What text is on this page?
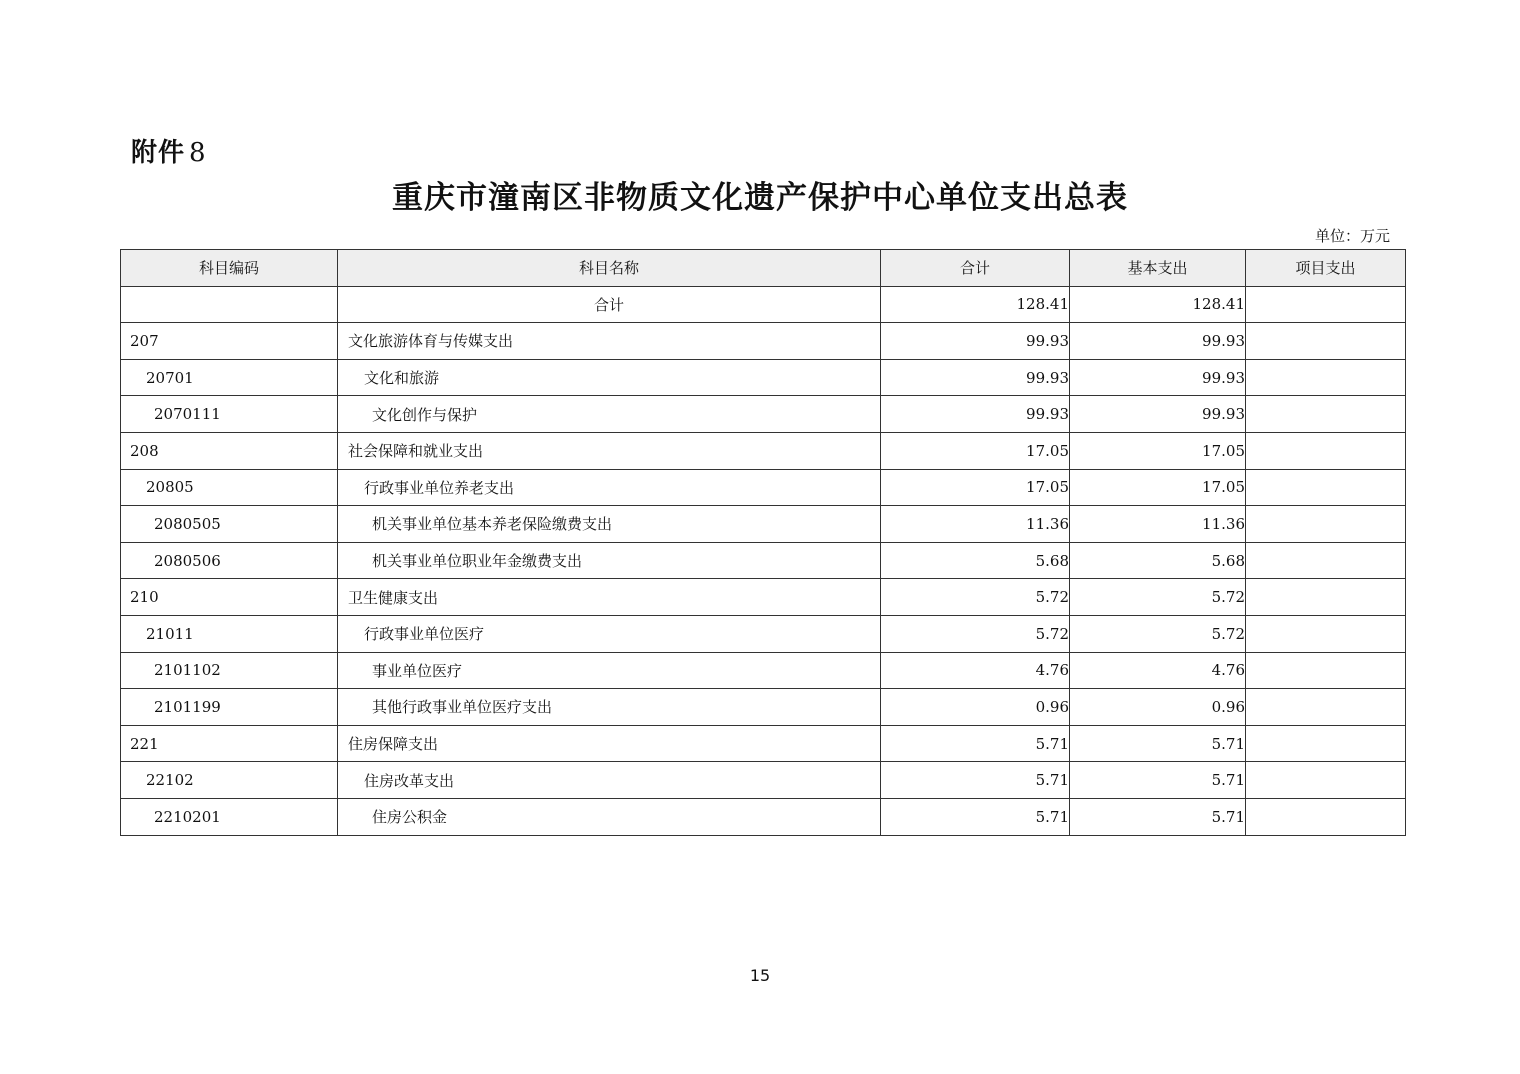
附件 8
重庆市潼南区非物质文化遗产保护中心单位支出总表
单位：万元
科目编码	科目名称	合计	基本支出	项目支出
	合计	128.41	128.41	
207	文化旅游体育与传媒支出	99.93	99.93	
20701	文化和旅游	99.93	99.93	
2070111	文化创作与保护	99.93	99.93	
208	社会保障和就业支出	17.05	17.05	
20805	行政事业单位养老支出	17.05	17.05	
2080505	机关事业单位基本养老保险缴费支出	11.36	11.36	
2080506	机关事业单位职业年金缴费支出	5.68	5.68	
210	卫生健康支出	5.72	5.72	
21011	行政事业单位医疗	5.72	5.72	
2101102	事业单位医疗	4.76	4.76	
2101199	其他行政事业单位医疗支出	0.96	0.96	
221	住房保障支出	5.71	5.71	
22102	住房改革支出	5.71	5.71	
2210201	住房公积金	5.71	5.71	
15
